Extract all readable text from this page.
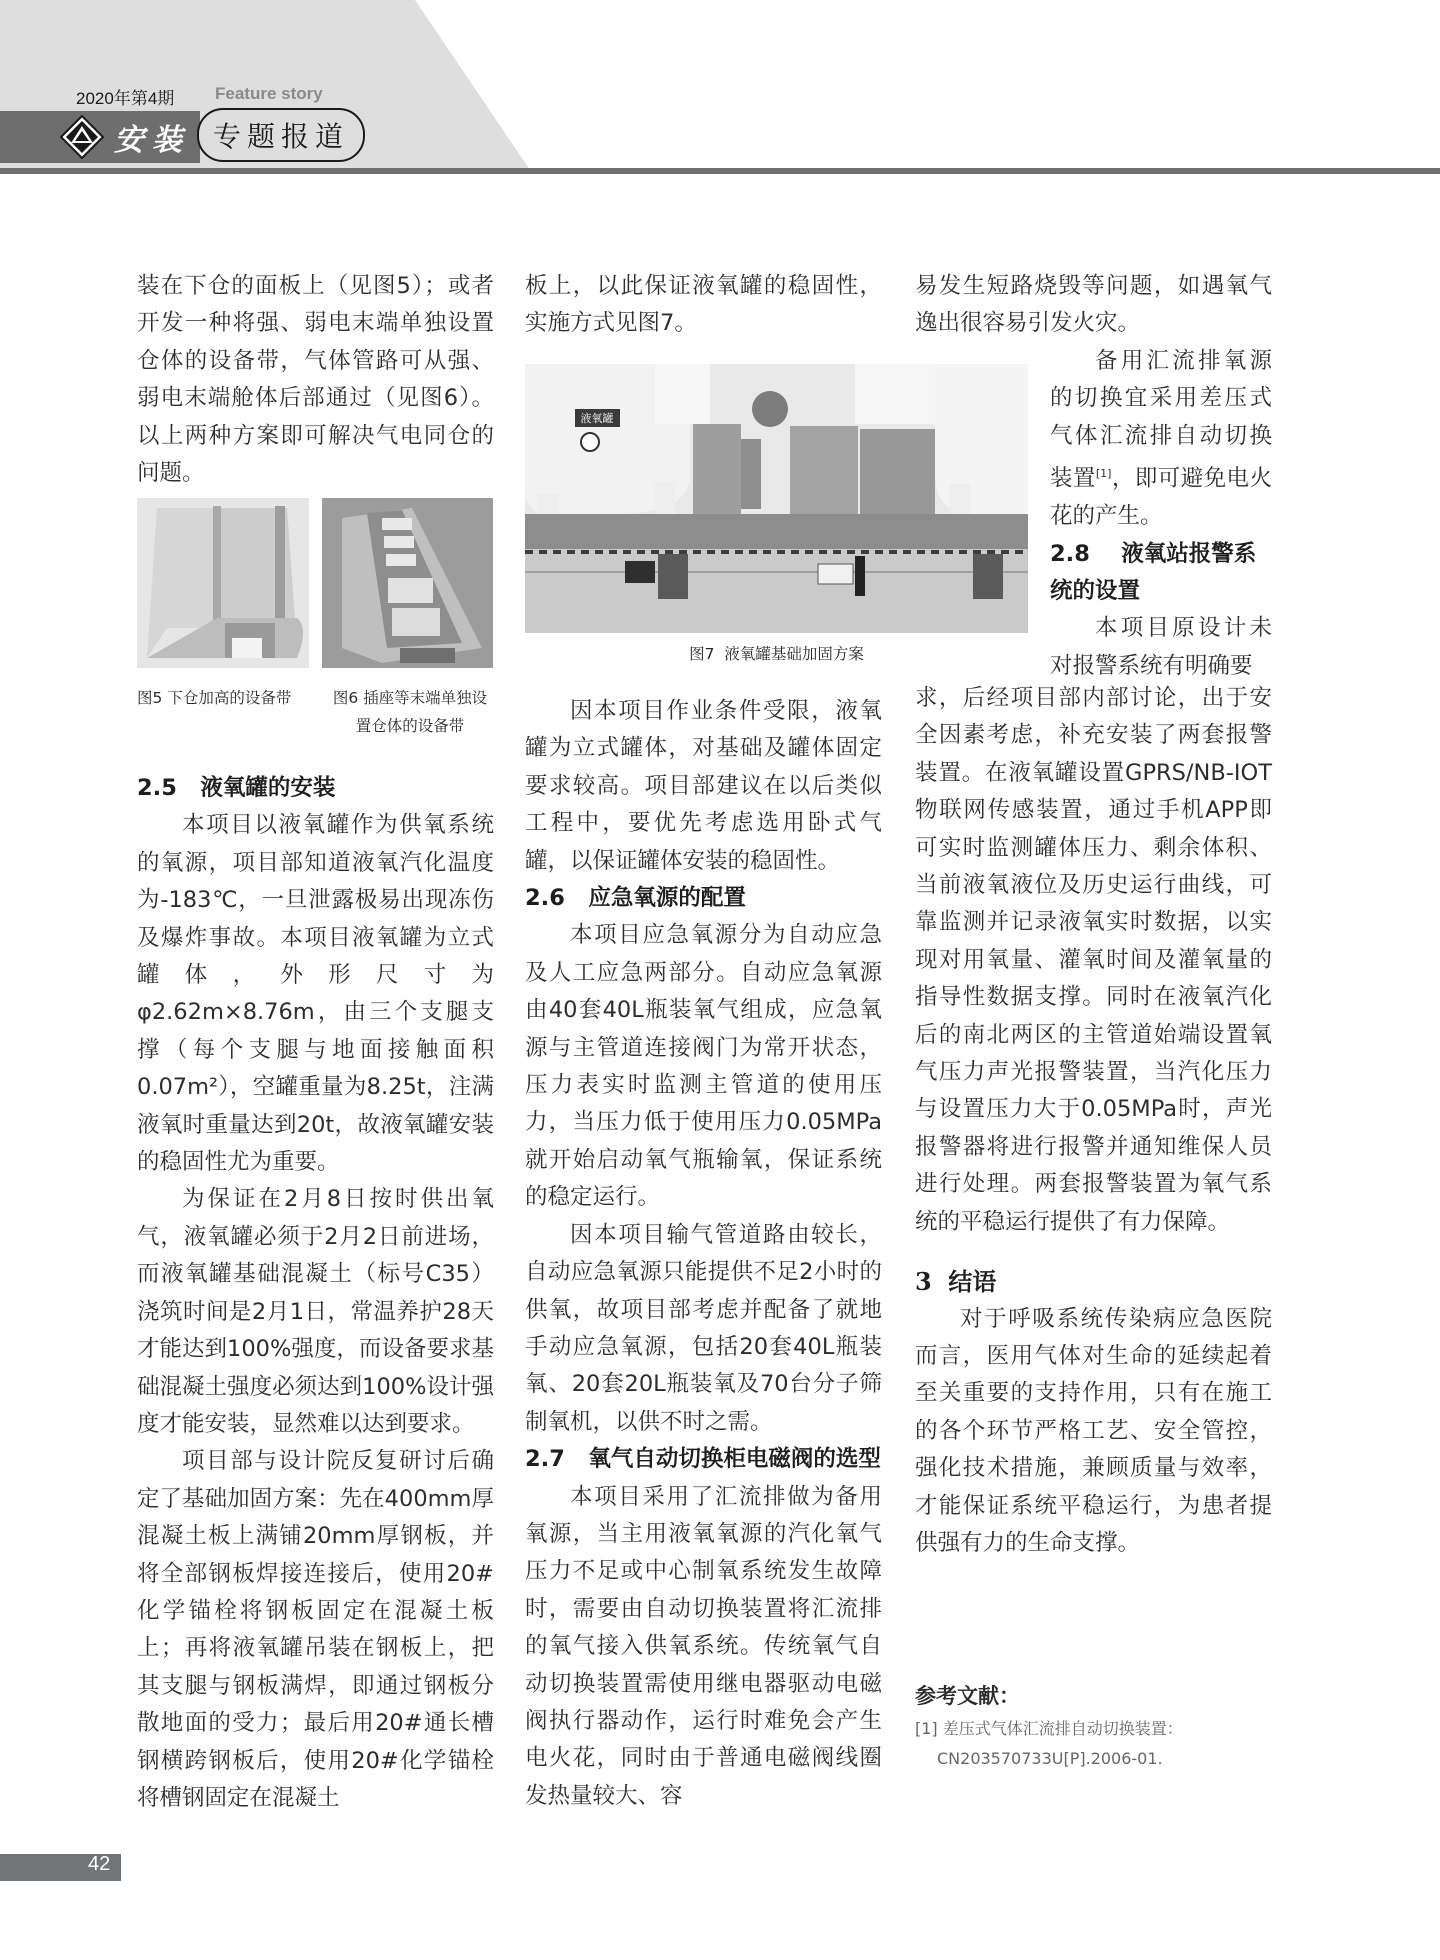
2020年第4期 Feature story
安装 专题报道

装在下仓的面板上（见图5）；或者开发一种将强、弱电末端单独设置仓体的设备带，气体管路可从强、弱电末端舱体后部通过（见图6）。以上两种方案即可解决气电同仓的问题。

图5 下仓加高的设备带	图6 插座等末端单独设置仓体的设备带

2.5 液氧罐的安装

本项目以液氧罐作为供氧系统的氧源，项目部知道液氧汽化温度为-183℃，一旦泄露极易出现冻伤及爆炸事故。本项目液氧罐为立式罐体，外形尺寸为φ2.62m×8.76m，由三个支腿支撑（每个支腿与地面接触面积0.07m²），空罐重量为8.25t，注满液氧时重量达到20t，故液氧罐安装的稳固性尤为重要。

为保证在2月8日按时供出氧气，液氧罐必须于2月2日前进场，而液氧罐基础混凝土（标号C35）浇筑时间是2月1日，常温养护28天才能达到100%强度，而设备要求基础混凝土强度必须达到100%设计强度才能安装，显然难以达到要求。

项目部与设计院反复研讨后确定了基础加固方案：先在400mm厚混凝土板上满铺20mm厚钢板，并将全部钢板焊接连接后，使用20#化学锚栓将钢板固定在混凝土板上；再将液氧罐吊装在钢板上，把其支腿与钢板满焊，即通过钢板分散地面的受力；最后用20#通长槽钢横跨钢板后，使用20#化学锚栓将槽钢固定在混凝土

板上，以此保证液氧罐的稳固性，实施方式见图7。

液氧罐
图7 液氧罐基础加固方案

因本项目作业条件受限，液氧罐为立式罐体，对基础及罐体固定要求较高。项目部建议在以后类似工程中，要优先考虑选用卧式气罐，以保证罐体安装的稳固性。

2.6 应急氧源的配置

本项目应急氧源分为自动应急及人工应急两部分。自动应急氧源由40套40L瓶装氧气组成，应急氧源与主管道连接阀门为常开状态，压力表实时监测主管道的使用压力，当压力低于使用压力0.05MPa就开始启动氧气瓶输氧，保证系统的稳定运行。

因本项目输气管道路由较长，自动应急氧源只能提供不足2小时的供氧，故项目部考虑并配备了就地手动应急氧源，包括20套40L瓶装氧、20套20L瓶装氧及70台分子筛制氧机，以供不时之需。

2.7 氧气自动切换柜电磁阀的选型

本项目采用了汇流排做为备用氧源，当主用液氧氧源的汽化氧气压力不足或中心制氧系统发生故障时，需要由自动切换装置将汇流排的氧气接入供氧系统。传统氧气自动切换装置需使用继电器驱动电磁阀执行器动作，运行时难免会产生电火花，同时由于普通电磁阀线圈发热量较大、容

易发生短路烧毁等问题，如遇氧气逸出很容易引发火灾。

备用汇流排氧源的切换宜采用差压式气体汇流排自动切换装置[1]，即可避免电火花的产生。

2.8 液氧站报警系统的设置

本项目原设计未对报警系统有明确要

求，后经项目部内部讨论，出于安全因素考虑，补充安装了两套报警装置。在液氧罐设置GPRS/NB-IOT物联网传感装置，通过手机APP即可实时监测罐体压力、剩余体积、当前液氧液位及历史运行曲线，可靠监测并记录液氧实时数据，以实现对用氧量、灌氧时间及灌氧量的指导性数据支撑。同时在液氧汽化后的南北两区的主管道始端设置氧气压力声光报警装置，当汽化压力与设置压力大于0.05MPa时，声光报警器将进行报警并通知维保人员进行处理。两套报警装置为氧气系统的平稳运行提供了有力保障。

3 结语

对于呼吸系统传染病应急医院而言，医用气体对生命的延续起着至关重要的支持作用，只有在施工的各个环节严格工艺、安全管控，强化技术措施，兼顾质量与效率，才能保证系统平稳运行，为患者提供强有力的生命支撑。

参考文献：
[1] 差压式气体汇流排自动切换装置：CN203570733U[P].2006-01.
42
